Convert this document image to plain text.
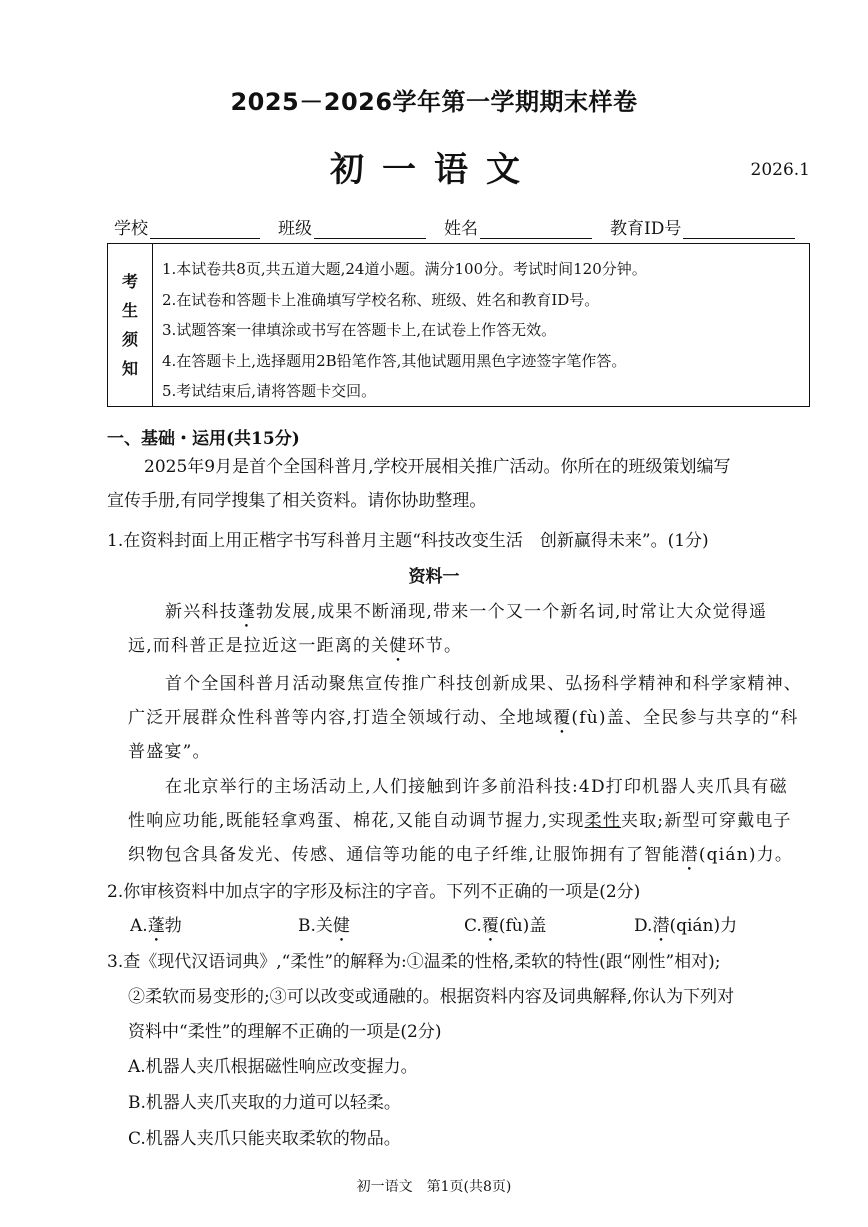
2025－2026学年第一学期期末样卷
初一语文	2026.1
学校	班级	姓名	教育ID号
考
生
须
知
1.本试卷共8页,共五道大题,24道小题。满分100分。考试时间120分钟。
2.在试卷和答题卡上准确填写学校名称、班级、姓名和教育ID号。
3.试题答案一律填涂或书写在答题卡上,在试卷上作答无效。
4.在答题卡上,选择题用2B铅笔作答,其他试题用黑色字迹签字笔作答。
5.考试结束后,请将答题卡交回。
一、基础・运用(共15分)
2025年9月是首个全国科普月,学校开展相关推广活动。你所在的班级策划编写
宣传手册,有同学搜集了相关资料。请你协助整理。
1.在资料封面上用正楷字书写科普月主题“科技改变生活　创新赢得未来”。(1分)
资料一
新兴科技蓬勃发展,成果不断涌现,带来一个又一个新名词,时常让大众觉得遥
远,而科普正是拉近这一距离的关健环节。
首个全国科普月活动聚焦宣传推广科技创新成果、弘扬科学精神和科学家精神、
广泛开展群众性科普等内容,打造全领域行动、全地域覆(fù)盖、全民参与共享的“科
普盛宴”。
在北京举行的主场活动上,人们接触到许多前沿科技:4D打印机器人夹爪具有磁
性响应功能,既能轻拿鸡蛋、棉花,又能自动调节握力,实现柔性夹取;新型可穿戴电子
织物包含具备发光、传感、通信等功能的电子纤维,让服饰拥有了智能潜(qián)力。
2.你审核资料中加点字的字形及标注的字音。下列不正确的一项是(2分)
A.蓬勃	B.关健	C.覆(fù)盖	D.潜(qián)力
3.查《现代汉语词典》,“柔性”的解释为:①温柔的性格,柔软的特性(跟“刚性”相对);
②柔软而易变形的;③可以改变或通融的。根据资料内容及词典解释,你认为下列对
资料中“柔性”的理解不正确的一项是(2分)
A.机器人夹爪根据磁性响应改变握力。
B.机器人夹爪夹取的力道可以轻柔。
C.机器人夹爪只能夹取柔软的物品。
初一语文　第1页(共8页)
